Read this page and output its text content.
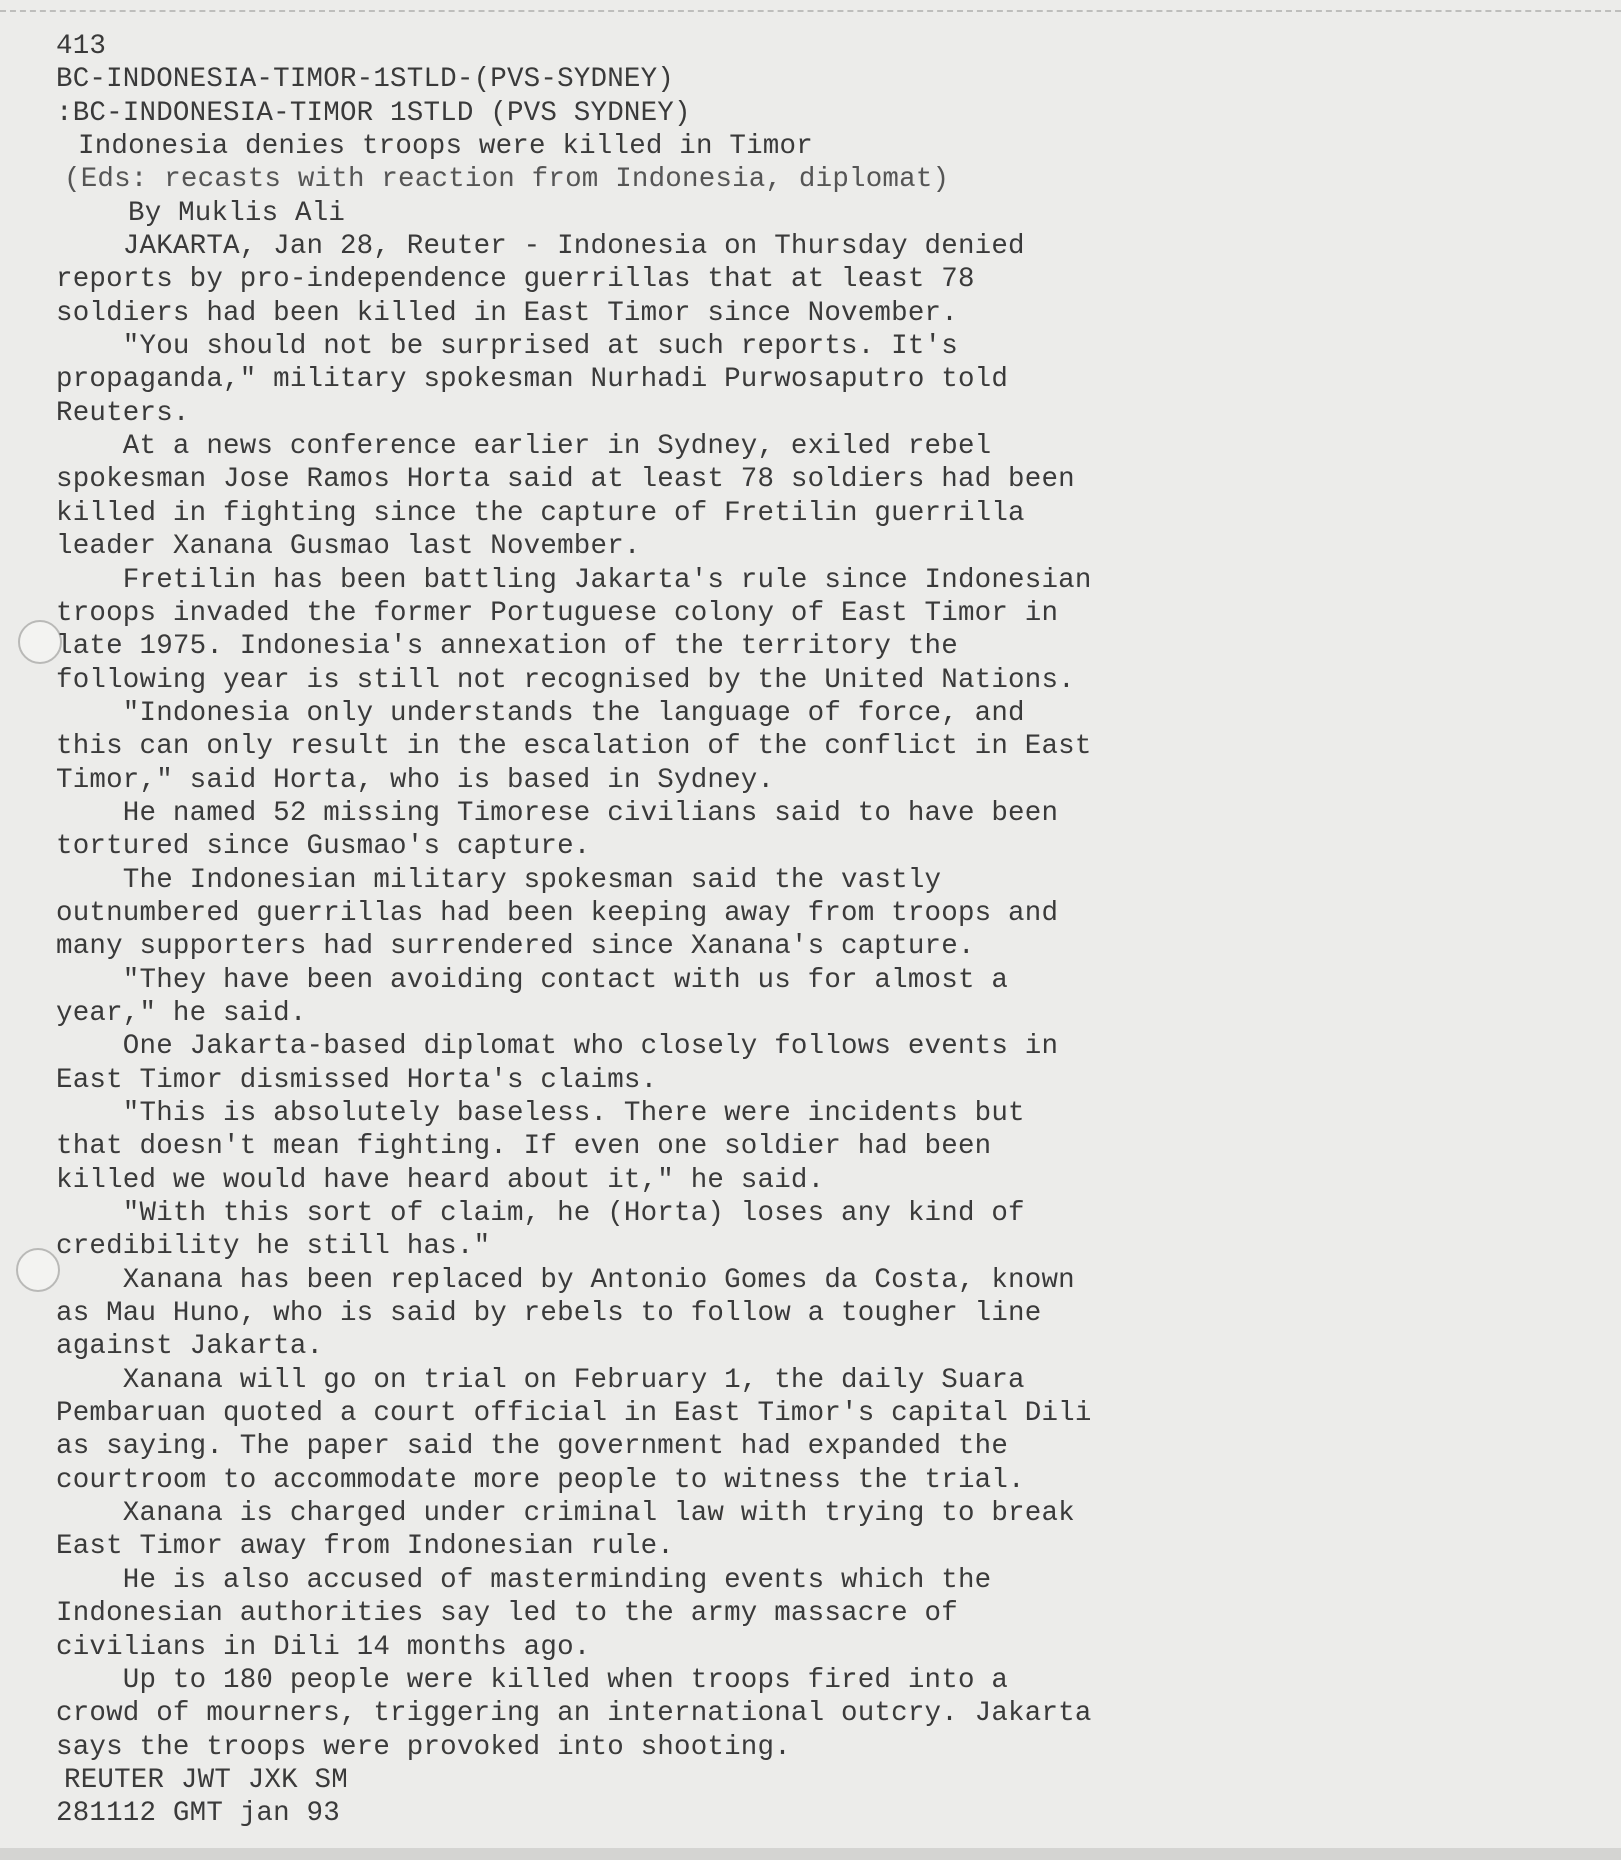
413
BC-INDONESIA-TIMOR-1STLD-(PVS-SYDNEY)
:BC-INDONESIA-TIMOR 1STLD (PVS SYDNEY)
Indonesia denies troops were killed in Timor
(Eds: recasts with reaction from Indonesia, diplomat)
By Muklis Ali
JAKARTA, Jan 28, Reuter - Indonesia on Thursday denied
reports by pro-independence guerrillas that at least 78
soldiers had been killed in East Timor since November.
"You should not be surprised at such reports. It's
propaganda," military spokesman Nurhadi Purwosaputro told
Reuters.
At a news conference earlier in Sydney, exiled rebel
spokesman Jose Ramos Horta said at least 78 soldiers had been
killed in fighting since the capture of Fretilin guerrilla
leader Xanana Gusmao last November.
Fretilin has been battling Jakarta's rule since Indonesian
troops invaded the former Portuguese colony of East Timor in
late 1975. Indonesia's annexation of the territory the
following year is still not recognised by the United Nations.
"Indonesia only understands the language of force, and
this can only result in the escalation of the conflict in East
Timor," said Horta, who is based in Sydney.
He named 52 missing Timorese civilians said to have been
tortured since Gusmao's capture.
The Indonesian military spokesman said the vastly
outnumbered guerrillas had been keeping away from troops and
many supporters had surrendered since Xanana's capture.
"They have been avoiding contact with us for almost a
year," he said.
One Jakarta-based diplomat who closely follows events in
East Timor dismissed Horta's claims.
"This is absolutely baseless. There were incidents but
that doesn't mean fighting. If even one soldier had been
killed we would have heard about it," he said.
"With this sort of claim, he (Horta) loses any kind of
credibility he still has."
Xanana has been replaced by Antonio Gomes da Costa, known
as Mau Huno, who is said by rebels to follow a tougher line
against Jakarta.
Xanana will go on trial on February 1, the daily Suara
Pembaruan quoted a court official in East Timor's capital Dili
as saying. The paper said the government had expanded the
courtroom to accommodate more people to witness the trial.
Xanana is charged under criminal law with trying to break
East Timor away from Indonesian rule.
He is also accused of masterminding events which the
Indonesian authorities say led to the army massacre of
civilians in Dili 14 months ago.
Up to 180 people were killed when troops fired into a
crowd of mourners, triggering an international outcry. Jakarta
says the troops were provoked into shooting.
REUTER JWT JXK SM
281112 GMT jan 93
